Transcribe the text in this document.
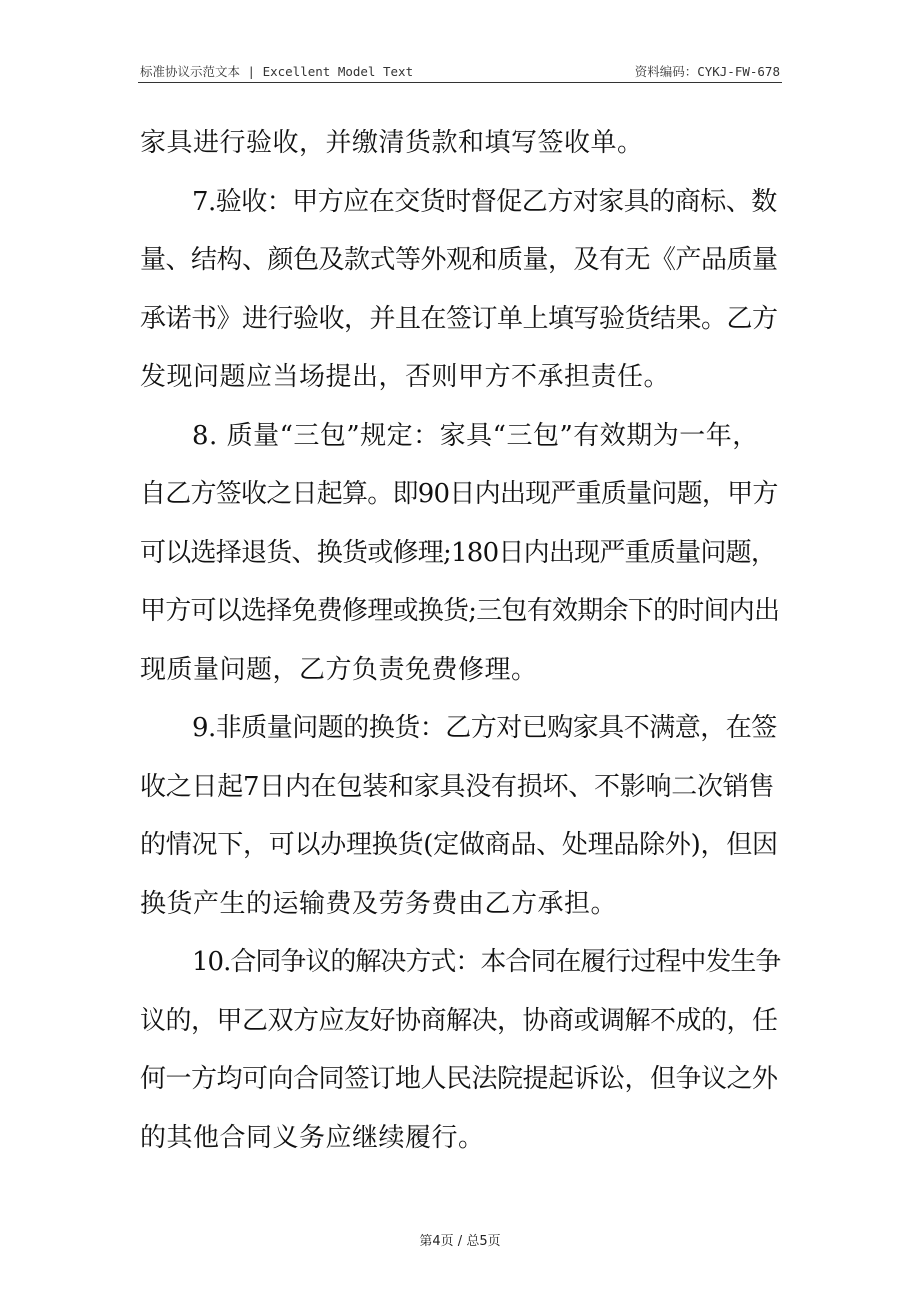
标准协议示范文本 | Excellent Model Text	资料编码：CYKJ-FW-678
家具进行验收，并缴清货款和填写签收单。
7.验收：甲方应在交货时督促乙方对家具的商标、数
量、结构、颜色及款式等外观和质量，及有无《产品质量
承诺书》进行验收，并且在签订单上填写验货结果。乙方
发现问题应当场提出，否则甲方不承担责任。
8. 质量“三包”规定：家具“三包”有效期为一年，
自乙方签收之日起算。即90日内出现严重质量问题，甲方
可以选择退货、换货或修理;180日内出现严重质量问题，
甲方可以选择免费修理或换货;三包有效期余下的时间内出
现质量问题，乙方负责免费修理。
9.非质量问题的换货：乙方对已购家具不满意，在签
收之日起7日内在包装和家具没有损坏、不影响二次销售
的情况下，可以办理换货(定做商品、处理品除外)，但因
换货产生的运输费及劳务费由乙方承担。
10.合同争议的解决方式：本合同在履行过程中发生争
议的，甲乙双方应友好协商解决，协商或调解不成的，任
何一方均可向合同签订地人民法院提起诉讼，但争议之外
的其他合同义务应继续履行。
第4页 / 总5页
